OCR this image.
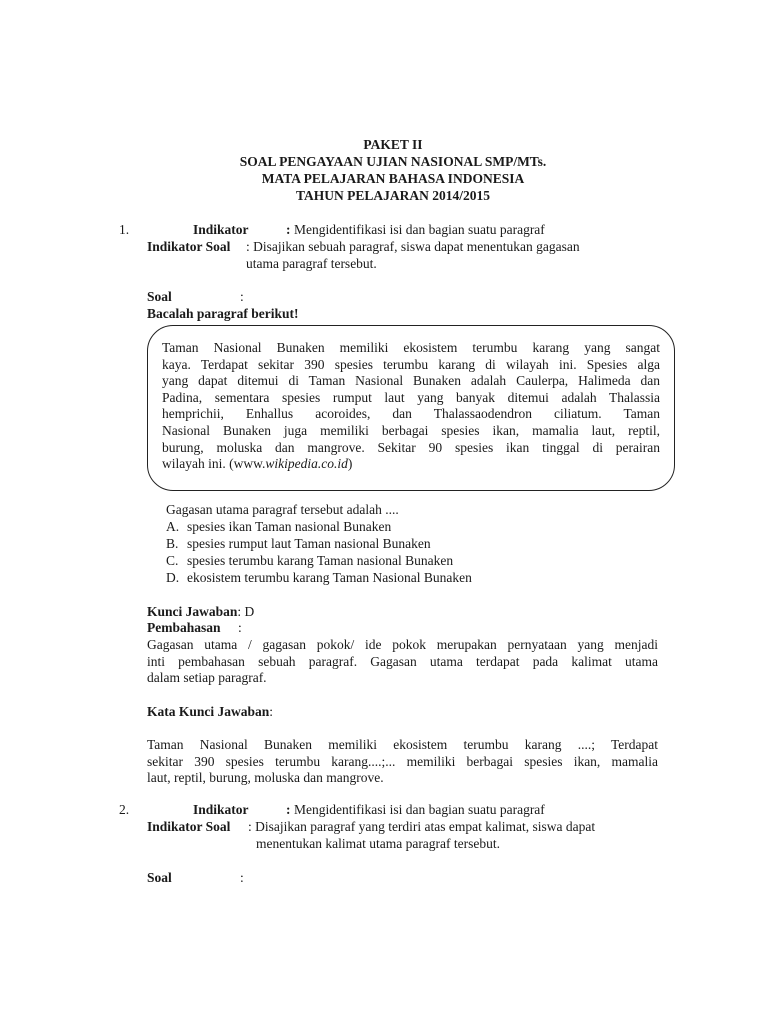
PAKET II
SOAL PENGAYAAN UJIAN NASIONAL SMP/MTs.
MATA PELAJARAN BAHASA INDONESIA
TAHUN PELAJARAN 2014/2015
1.	Indikator	: Mengidentifikasi isi dan bagian suatu paragraf
Indikator Soal : Disajikan sebuah paragraf, siswa dapat menentukan gagasan
utama paragraf tersebut.
Soal	:
Bacalah paragraf berikut!
Taman Nasional Bunaken memiliki ekosistem terumbu karang yang sangat
kaya. Terdapat sekitar 390 spesies terumbu karang di wilayah ini. Spesies alga
yang dapat ditemui di Taman Nasional Bunaken adalah Caulerpa, Halimeda dan
Padina, sementara spesies rumput laut yang banyak ditemui adalah Thalassia
hemprichii, Enhallus acoroides, dan Thalassaodendron ciliatum. Taman
Nasional Bunaken juga memiliki berbagai spesies ikan, mamalia laut, reptil,
burung, moluska dan mangrove. Sekitar 90 spesies ikan tinggal di perairan
wilayah ini. (www.wikipedia.co.id)
Gagasan utama paragraf tersebut adalah ....
A. spesies ikan Taman nasional Bunaken
B. spesies rumput laut Taman nasional Bunaken
C. spesies terumbu karang Taman nasional Bunaken
D. ekosistem terumbu karang Taman Nasional Bunaken
Kunci Jawaban: D
Pembahasan :
Gagasan utama / gagasan pokok/ ide pokok merupakan pernyataan yang menjadi
inti pembahasan sebuah paragraf. Gagasan utama terdapat pada kalimat utama
dalam setiap paragraf.
Kata Kunci Jawaban:
Taman Nasional Bunaken memiliki ekosistem terumbu karang ....; Terdapat
sekitar 390 spesies terumbu karang....;... memiliki berbagai spesies ikan, mamalia
laut, reptil, burung, moluska dan mangrove.
2.	Indikator	: Mengidentifikasi isi dan bagian suatu paragraf
Indikator Soal : Disajikan paragraf yang terdiri atas empat kalimat, siswa dapat
menentukan kalimat utama paragraf tersebut.
Soal	:
